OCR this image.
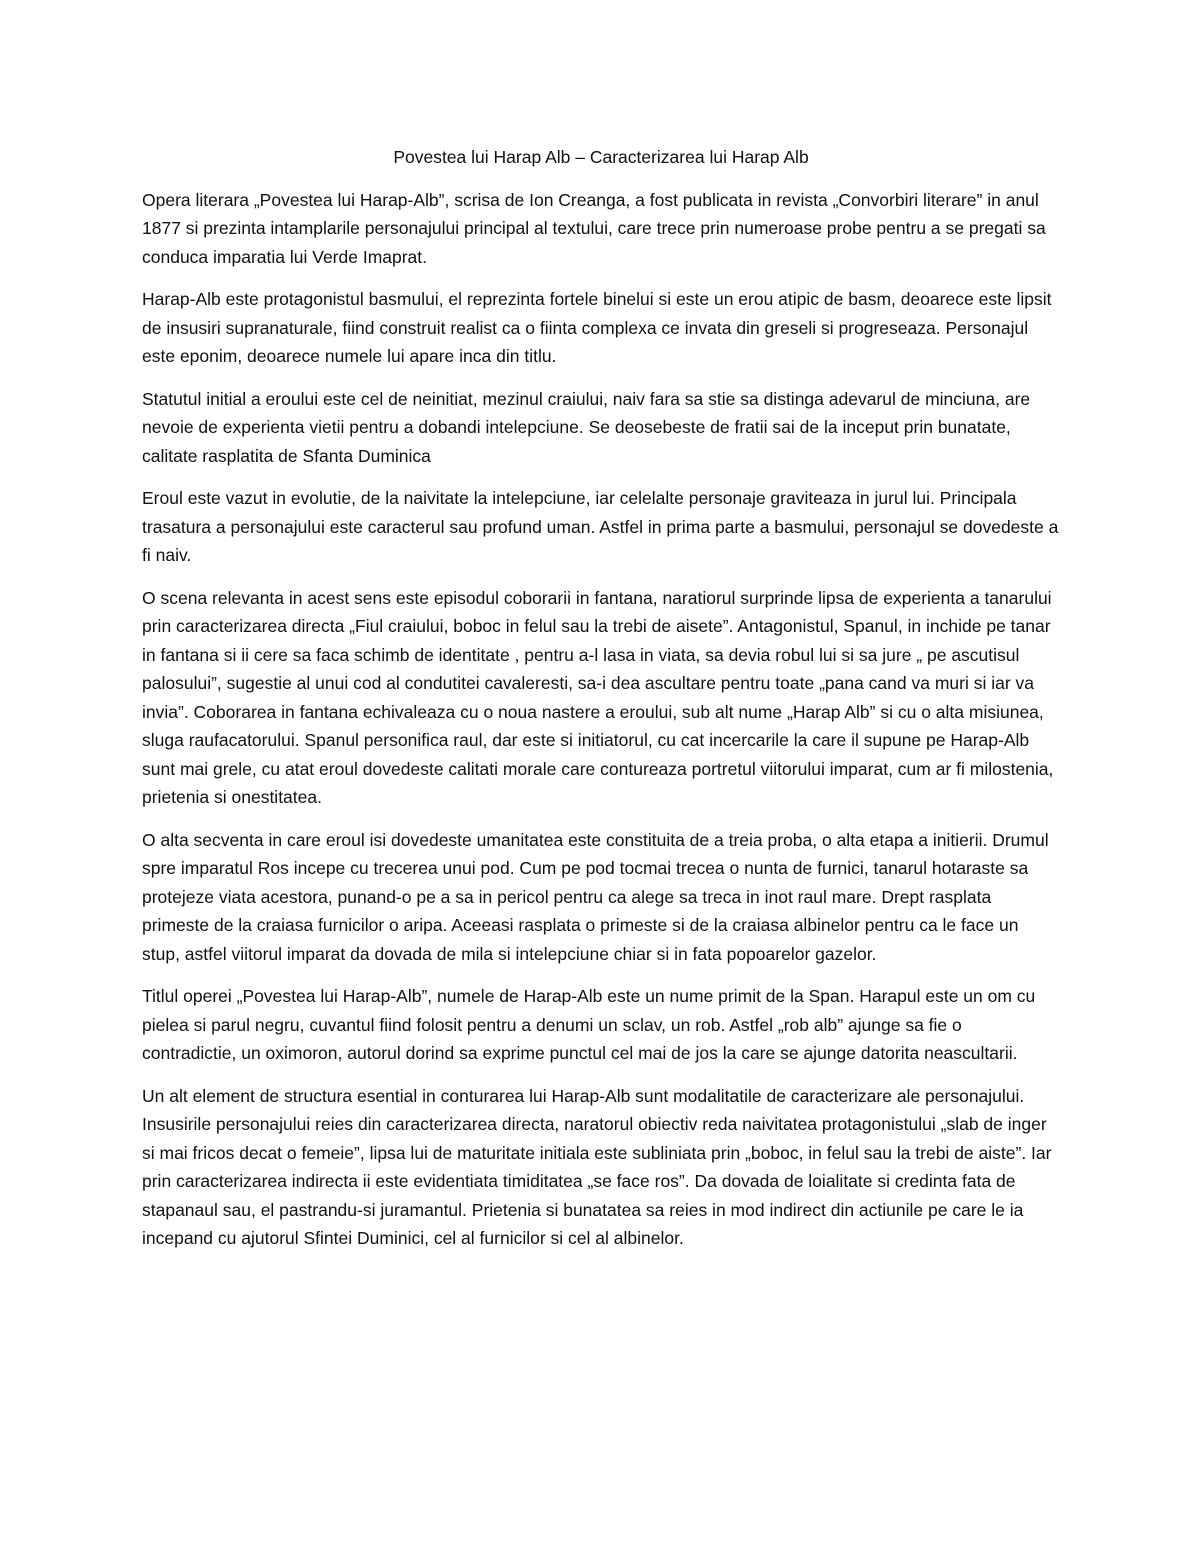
Povestea lui Harap Alb – Caracterizarea lui Harap Alb

Opera literara „Povestea lui Harap-Alb”, scrisa de Ion Creanga, a fost publicata in revista „Convorbiri literare” in anul 1877 si prezinta intamplarile personajului principal al textului, care trece prin numeroase probe pentru a se pregati sa conduca imparatia lui Verde Imaprat.

Harap-Alb este protagonistul basmului, el reprezinta fortele binelui si este un erou atipic de basm, deoarece este lipsit de insusiri supranaturale, fiind construit realist ca o fiinta complexa ce invata din greseli si progreseaza. Personajul este eponim, deoarece numele lui apare inca din titlu.

Statutul initial a eroului este cel de neinitiat, mezinul craiului, naiv fara sa stie sa distinga adevarul de minciuna, are nevoie de experienta vietii pentru a dobandi intelepciune. Se deosebeste de fratii sai de la inceput prin bunatate, calitate rasplatita de Sfanta Duminica

Eroul este vazut in evolutie, de la naivitate la intelepciune, iar celelalte personaje graviteaza in jurul lui. Principala trasatura a personajului este caracterul sau profund uman. Astfel in prima parte a basmului, personajul se dovedeste a fi naiv.

O scena relevanta in acest sens este episodul coborarii in fantana, naratiorul surprinde lipsa de experienta a tanarului prin caracterizarea directa „Fiul craiului, boboc in felul sau la trebi de aisete”. Antagonistul, Spanul, in inchide pe tanar in fantana si ii cere sa faca schimb de identitate , pentru a-l lasa in viata, sa devia robul lui si sa jure „ pe ascutisul palosului”, sugestie al unui cod al condutitei cavaleresti, sa-i dea ascultare pentru toate „pana cand va muri si iar va invia”. Coborarea in fantana echivaleaza cu o noua nastere a eroului, sub alt nume „Harap Alb” si cu o alta misiunea, sluga raufacatorului. Spanul personifica raul, dar este si initiatorul, cu cat incercarile la care il supune pe Harap-Alb sunt mai grele, cu atat eroul dovedeste calitati morale care contureaza portretul viitorului imparat, cum ar fi milostenia, prietenia si onestitatea.

O alta secventa in care eroul isi dovedeste umanitatea este constituita de a treia proba, o alta etapa a initierii. Drumul spre imparatul Ros incepe cu trecerea unui pod. Cum pe pod tocmai trecea o nunta de furnici, tanarul hotaraste sa protejeze viata acestora, punand-o pe a sa in pericol pentru ca alege sa treca in inot raul mare. Drept rasplata primeste de la craiasa furnicilor o aripa. Aceeasi rasplata o primeste si de la craiasa albinelor pentru ca le face un stup, astfel viitorul imparat da dovada de mila si intelepciune chiar si in fata popoarelor gazelor.

Titlul operei „Povestea lui Harap-Alb”, numele de Harap-Alb este un nume primit de la Span. Harapul este un om cu pielea si parul negru, cuvantul fiind folosit pentru a denumi un sclav, un rob. Astfel „rob alb” ajunge sa fie o contradictie, un oximoron, autorul dorind sa exprime punctul cel mai de jos la care se ajunge datorita neascultarii.

Un alt element de structura esential in conturarea lui Harap-Alb sunt modalitatile de caracterizare ale personajului. Insusirile personajului reies din caracterizarea directa, naratorul obiectiv reda naivitatea protagonistului „slab de inger si mai fricos decat o femeie”, lipsa lui de maturitate initiala este subliniata prin „boboc, in felul sau la trebi de aiste”. Iar prin caracterizarea indirecta ii este evidentiata timiditatea „se face ros”. Da dovada de loialitate si credinta fata de stapanaul sau, el pastrandu-si juramantul. Prietenia si bunatatea sa reies in mod indirect din actiunile pe care le ia incepand cu ajutorul Sfintei Duminici, cel al furnicilor si cel al albinelor.
